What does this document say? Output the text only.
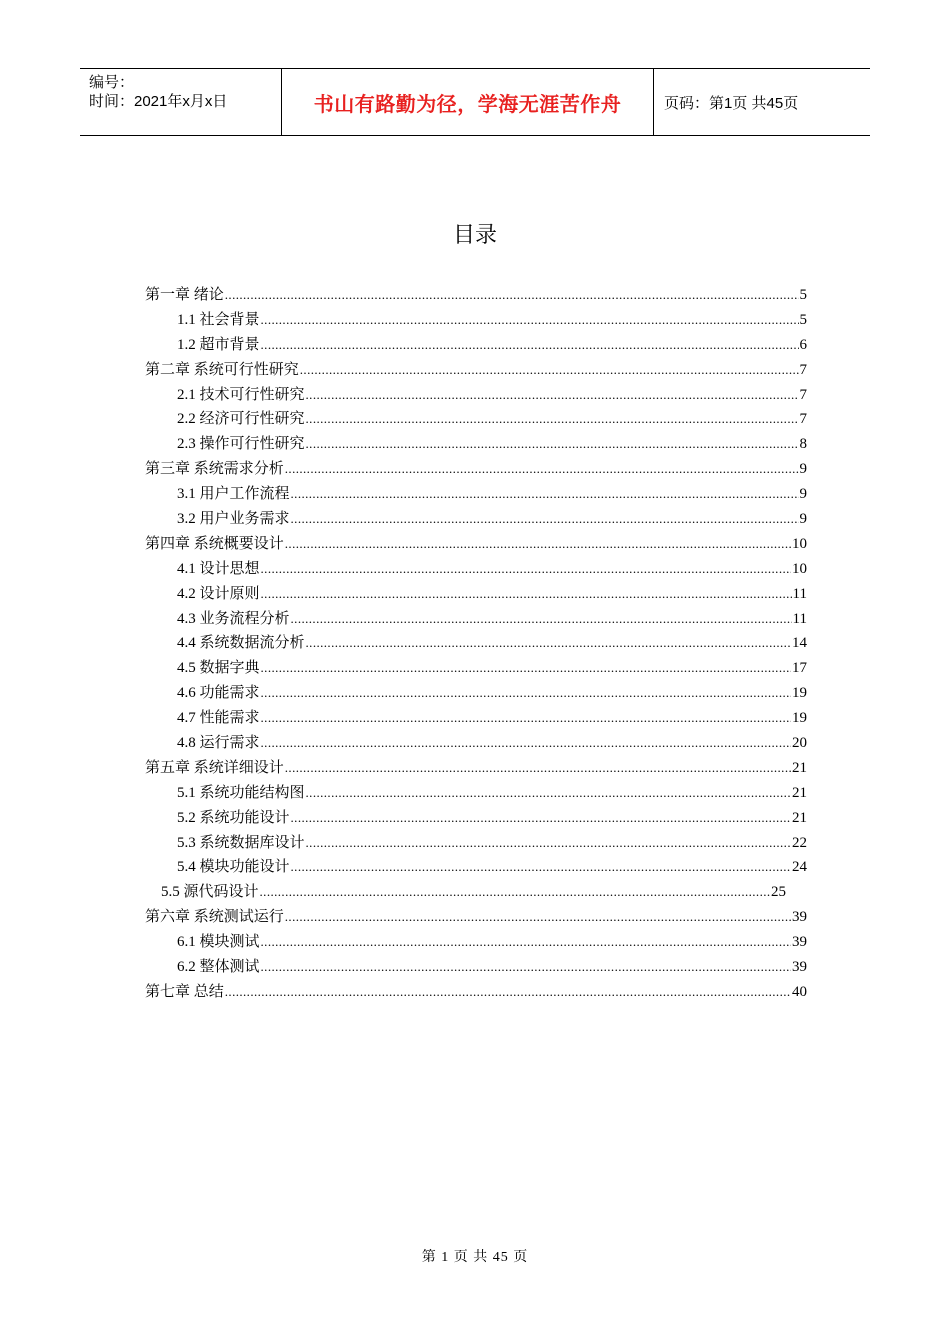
编号：
时间：2021年x月x日	书山有路勤为径，学海无涯苦作舟	页码：第1页 共45页
目录
第一章 绪论 .....	5
1.1 社会背景 .....	5
1.2 超市背景 .....	6
第二章 系统可行性研究 .....	7
2.1 技术可行性研究 .....	7
2.2 经济可行性研究 .....	7
2.3 操作可行性研究 .....	8
第三章 系统需求分析 .....	9
3.1 用户工作流程 .....	9
3.2 用户业务需求 .....	9
第四章 系统概要设计 .....	10
4.1 设计思想 .....	10
4.2 设计原则 .....	11
4.3 业务流程分析 .....	11
4.4 系统数据流分析 .....	14
4.5 数据字典 .....	17
4.6 功能需求 .....	19
4.7 性能需求 .....	19
4.8 运行需求 .....	20
第五章 系统详细设计 .....	21
5.1 系统功能结构图 .....	21
5.2 系统功能设计 .....	21
5.3 系统数据库设计 .....	22
5.4 模块功能设计 .....	24
5.5 源代码设计 .....	25
第六章 系统测试运行 .....	39
6.1 模块测试 .....	39
6.2 整体测试 .....	39
第七章 总结 .....	40
第 1 页 共 45 页
